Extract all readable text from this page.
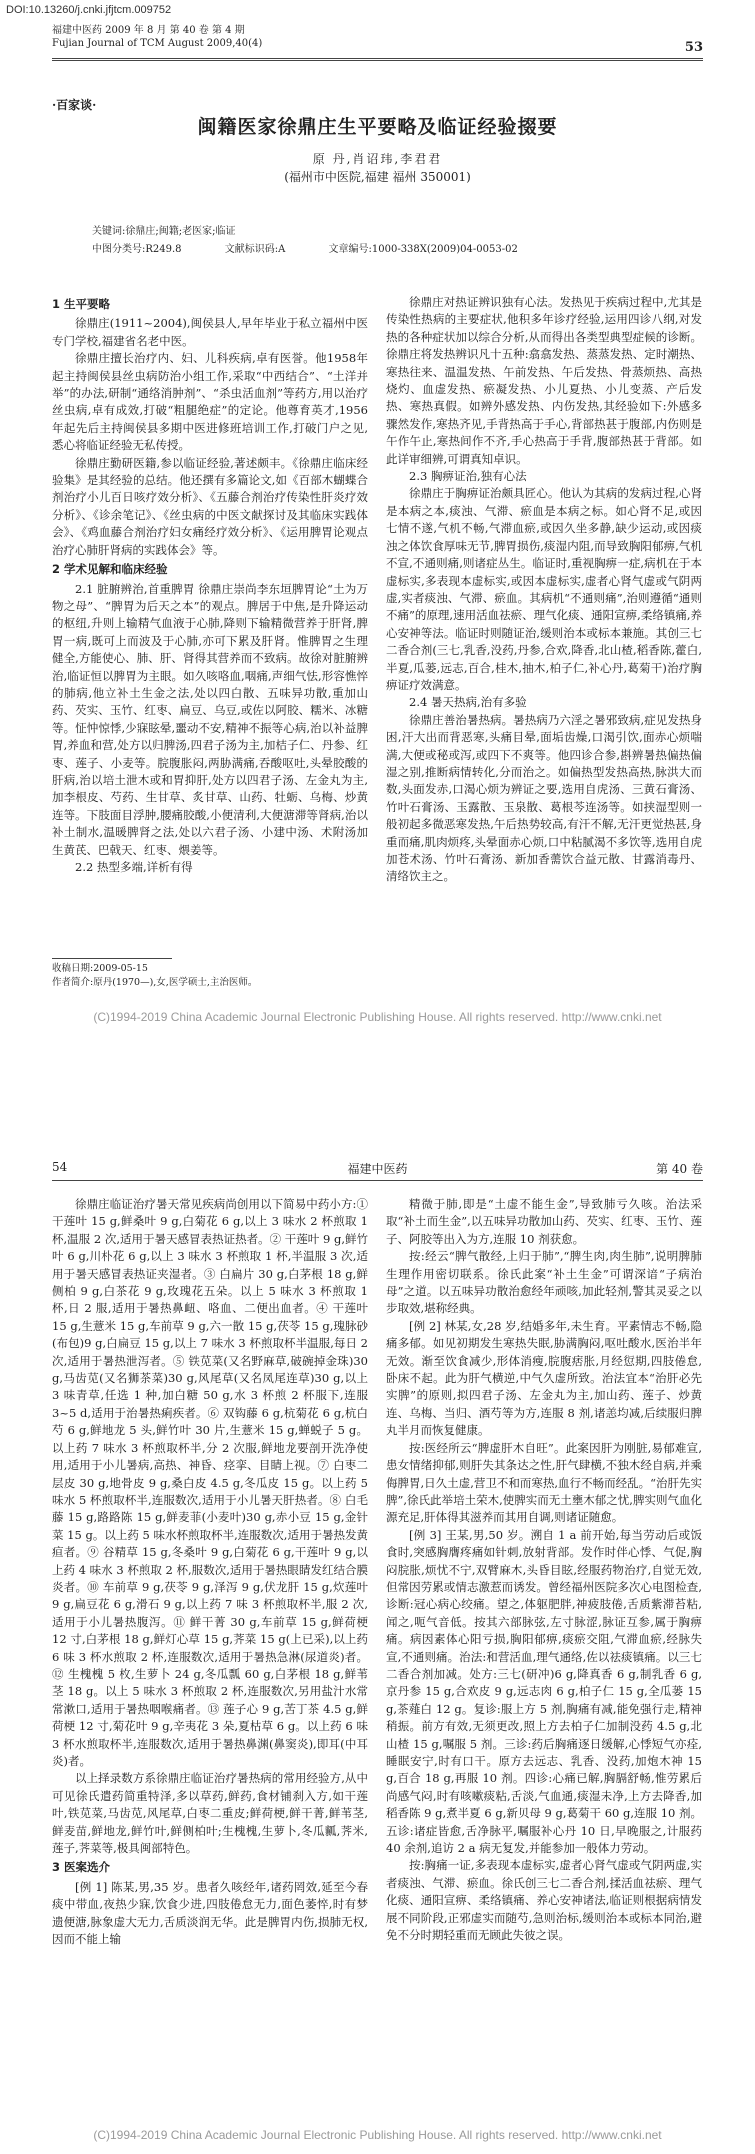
DOI:10.13260/j.cnki.jfjtcm.009752
福建中医药 2009 年 8 月 第 40 卷 第 4 期
Fujian Journal of TCM August 2009,40(4)	53
·百家谈·
闽籍医家徐鼎庄生平要略及临证经验掇要
原 丹,肖诏玮,李君君
(福州市中医院,福建 福州 350001)
关键词:徐鼎庄;闽籍;老医家;临证
中图分类号:R249.8	文献标识码:A	文章编号:1000-338X(2009)04-0053-02
1 生平要略

徐鼎庄(1911~2004),闽侯县人,早年毕业于私立福州中医专门学校,福建省名老中医。

徐鼎庄擅长治疗内、妇、儿科疾病,卓有医誉。他1958年起主持闽侯县丝虫病防治小组工作,采取“中西结合”、“土洋并举”的办法,研制“通络消肿剂”、“杀虫活血剂”等药方,用以治疗丝虫病,卓有成效,打破“粗腿绝症”的定论。他尊育英才,1956年起先后主持闽侯县多期中医进修班培训工作,打破门户之见,悉心将临证经验无私传授。

徐鼎庄勤研医籍,参以临证经验,著述颇丰。《徐鼎庄临床经验集》是其经验的总结。他还撰有多篇论文,如《百部木蝴蝶合剂治疗小儿百日咳疗效分析》、《五藤合剂治疗传染性肝炎疗效分析》、《诊余笔记》、《丝虫病的中医文献探讨及其临床实践体会》、《鸡血藤合剂治疗妇女痛经疗效分析》、《运用脾胃论观点治疗心肺肝肾病的实践体会》等。

2 学术见解和临床经验

2.1 脏腑辨治,首重脾胃 徐鼎庄崇尚李东垣脾胃论“土为万物之母”、“脾胃为后天之本”的观点。脾居于中焦,是升降运动的枢纽,升则上输精气血液于心肺,降则下输精微营养于肝肾,脾胃一病,既可上而波及于心肺,亦可下累及肝肾。惟脾胃之生理健全,方能使心、肺、肝、肾得其营养而不致病。故徐对脏腑辨治,临证恒以脾胃为主眼。如久咳咯血,咽痛,声细气怯,形容憔悴的肺病,他立补土生金之法,处以四白散、五味异功散,重加山药、芡实、玉竹、红枣、扁豆、乌豆,或佐以阿胶、糯米、冰糖等。怔忡惊悸,少寐眩晕,噩动不安,精神不振等心病,治以补益脾胃,养血和营,处方以归脾汤,四君子汤为主,加桔子仁、丹参、红枣、莲子、小麦等。脘腹胀闷,两胁满痛,吞酸呕吐,头晕胶酸的肝病,治以培土泄木或和胃抑肝,处方以四君子汤、左金丸为主,加李根皮、芍药、生甘草、炙甘草、山药、牡蛎、乌梅、炒黄连等。下肢面目浮肿,腰痛胶酸,小便清利,大便溏滞等肾病,治以补土制水,温暖脾肾之法,处以六君子汤、小建中汤、术附汤加生黄芪、巴戟天、红枣、煨姜等。

2.2 热型多端,详析有得

徐鼎庄对热证辨识独有心法。发热见于疾病过程中,尤其是传染性热病的主要症状,他积多年诊疗经验,运用四诊八纲,对发热的各种症状加以综合分析,从而得出各类型典型症候的诊断。徐鼎庄将发热辨识凡十五种:翕翕发热、蒸蒸发热、定时潮热、寒热往来、温温发热、午前发热、午后发热、骨蒸烦热、高热烧灼、血虚发热、瘀凝发热、小儿夏热、小儿变蒸、产后发热、寒热真假。如辨外感发热、内伤发热,其经验如下:外感多骤然发作,寒热齐见,手背热高于手心,背部热甚于腹部,内伤则是午作午止,寒热间作不齐,手心热高于手背,腹部热甚于背部。如此详审细辨,可谓真知卓识。

2.3 胸痹证治,独有心法

徐鼎庄于胸痹证治颇具匠心。他认为其病的发病过程,心肾是本病之本,痰浊、气滞、瘀血是本病之标。如心肾不足,或因七情不遂,气机不畅,气滞血瘀,或因久坐多静,缺少运动,或因痰浊之体饮食厚味无节,脾胃损伤,痰湿内阻,而导致胸阳郁痹,气机不宣,不通则痛,则诸症丛生。临证时,重视胸痹一症,病机在于本虚标实,多表现本虚标实,或因本虚标实,虚者心肾气虚或气阴两虚,实者痰浊、气滞、瘀血。其病机“不通则痛”,治则遵循“通则不痛”的原理,速用活血祛瘀、理气化痰、通阳宣痹,柔络镇痛,养心安神等法。临证时则随证治,缓则治本或标本兼施。其创三七二香合剂(三七,乳香,没药,丹参,合欢,降香,北山楂,稻香陈,藿白,半夏,瓜蒌,远志,百合,桂木,抽木,柏子仁,补心丹,葛菊干)治疗胸痹证疗效满意。

2.4 暑天热病,治有多验

徐鼎庄善治暑热病。暑热病乃六淫之暑邪致病,症见发热身困,汗大出而背恶寒,头痛目晕,面垢齿燥,口渴引饮,面赤心烦喘满,大便或秘或泻,或四下不爽等。他四诊合参,斟辨暑热偏热偏湿之别,推断病情转化,分而治之。如偏热型发热高热,脉洪大而数,头面发赤,口渴心烦为辨证之要,选用自虎汤、三黄石膏汤、竹叶石膏汤、玉露散、玉泉散、葛根芩连汤等。如挟湿型则一般初起多微恶寒发热,午后热势较高,有汗不解,无汗更觉热甚,身重而痛,肌肉烦疼,头晕面赤心烦,口中粘腻渴不多饮等,选用自虎加苍术汤、竹叶石膏汤、新加香薷饮合益元散、甘露消毒丹、清络饮主之。

收稿日期:2009-05-15
作者简介:原丹(1970—),女,医学硕士,主治医师。
(C)1994-2019 China Academic Journal Electronic Publishing House. All rights reserved. http://www.cnki.net
54	福建中医药	第 40 卷

徐鼎庄临证治疗暑天常见疾病尚创用以下简易中药小方:① 干莲叶 15 g,鲜桑叶 9 g,白菊花 6 g,以上 3 味水 2 杯煎取 1 杯,温服 2 次,适用于暑天感冒表热证热者。② 干莲叶 9 g,鲜竹叶 6 g,川朴花 6 g,以上 3 味水 3 杯煎取 1 杯,半温服 3 次,适用于暑天感冒表热证夹湿者。③ 白扁片 30 g,白茅根 18 g,鲜侧柏 9 g,白茶花 9 g,玫瑰花五朵。以上 5 味水 3 杯煎取 1 杯,日 2 服,适用于暑热鼻衄、咯血、二便出血者。④ 干莲叶 15 g,生薏米 15 g,车前草 9 g,六一散 15 g,茯苓 15 g,瑰脉砂(布包)9 g,白扁豆 15 g,以上 7 味水 3 杯煎取杯半温服,每日 2 次,适用于暑热泄泻者。⑤ 铁苋菜(又名野麻草,破碗掉金珠)30 g,马齿苋(又名狮茶菜)30 g,风尾草(又名凤尾连草)30 g,以上 3 味青草,任选 1 种,加白糖 50 g,水 3 杯煎 2 杯服下,连服 3~5 d,适用于治暑热痢疾者。⑥ 双钩藤 6 g,杭菊花 6 g,杭白芍 6 g,鲜地龙 5 头,鲜竹叶 30 片,生薏米 15 g,蝉蜕子 5 g。以上药 7 味水 3 杯煎取杯半,分 2 次服,鲜地龙要剖开洗净使用,适用于小儿暑病,高热、神昏、痉挛、目睛上视。⑦ 白枣二层皮 30 g,地骨皮 9 g,桑白皮 4.5 g,冬瓜皮 15 g。以上药 5 味水 5 杯煎取杯半,连服数次,适用于小儿暑天肝热者。⑧ 白毛藤 15 g,路路陈 15 g,鲜麦菲(小麦叶)30 g,赤小豆 15 g,金针菜 15 g。以上药 5 味水杯煎取杯半,连服数次,适用于暑热发黄疸者。⑨ 谷精草 15 g,冬桑叶 9 g,白菊花 6 g,干莲叶 9 g,以上药 4 味水 3 杯煎取 2 杯,服数次,适用于暑热眼睛发红结合膜炎者。⑩ 车前草 9 g,茯苓 9 g,泽泻 9 g,伏龙肝 15 g,炊莲叶 9 g,扁豆花 6 g,滑石 9 g,以上药 7 味 3 杯煎取杯半,服 2 次,适用于小儿暑热腹泻。⑪ 鲜干菁 30 g,车前草 15 g,鲜荷梗 12 寸,白茅根 18 g,鲜灯心草 15 g,荠菜 15 g(上已采),以上药 6 味 3 杯水煎取 2 杯,连服数次,适用于暑热急淋(尿道炎)者。⑫ 生槐槐 5 枚,生萝卜 24 g,冬瓜瓢 60 g,白茅根 18 g,鲜苇茎 18 g。以上 5 味水 3 杯煎取 2 杯,连服数次,另用盐汁水常常漱口,适用于暑热咽喉痛者。⑬ 莲子心 9 g,苦丁茶 4.5 g,鲜荷梗 12 寸,菊花叶 9 g,辛夷花 3 朵,夏枯草 6 g。以上药 6 味 3 杯水煎取杯半,连服数次,适用于暑热鼻渊(鼻窦炎),即耳(中耳炎)者。

以上择录数方系徐鼎庄临证治疗暑热病的常用经验方,从中可见徐氏遣药简重特泽,多以草药,鲜药,食材铺刹入方,如干莲叶,铁苋菜,马齿苋,风尾草,白枣二重皮;鲜荷梗,鲜干菁,鲜苇茎,鲜麦苗,鲜地龙,鲜竹叶,鲜侧柏叶;生槐槐,生萝卜,冬瓜瓤,荠米,莲子,荠菜等,极具闽部特色。

3 医案选介

[例 1] 陈某,男,35 岁。患者久咳经年,诸药罔效,延至今春痰中带血,夜热少寐,饮食少进,四肢倦怠无力,面色萎悴,时有梦遗便溏,脉象虚大无力,舌质淡润无华。此是脾胃内伤,损肺无权,因而不能上输

精微于肺,即是“土虚不能生金”,导致肺亏久咳。治法采取“补土而生金”,以五味异功散加山药、芡实、红枣、玉竹、莲子、阿胶等出入为方,连服 10 剂获愈。

按:经云“脾气散经,上归于肺”,“脾生肉,肉生肺”,说明脾肺生理作用密切联系。徐氏此案“补土生金”可谓深谙“子病治母”之道。以五味异功散治愈经年顽咳,加此轻剂,警其灵妥之以步取效,堪称经典。

[例 2] 林某,女,28 岁,结婚多年,未生育。平素情志不畅,隐痛多郁。如见初期发生寒热失眠,胁满胸闷,呕吐酸水,医治半年无效。渐至饮食减少,形体消瘦,脘腹痞胀,月经愆期,四肢倦怠,卧床不起。此为肝气横逆,中气久虚所致。治法宜本“治肝必先实脾”的原则,拟四君子汤、左金丸为主,加山药、莲子、炒黄连、乌梅、当归、酒芍等为方,连服 8 剂,诸恙均减,后续服归脾丸半月而恢复健康。

按:医经所云“脾虚肝木自旺”。此案因肝为刚脏,易郁难宣,患女情绪抑郁,则肝失其条达之性,肝气肆横,不独木经自病,并乘侮脾胃,日久土虚,营卫不和而寒热,血行不畅而经乱。“治肝先实脾”,徐氏此举培土荣木,使脾实而无土壅木郁之忧,脾实则气血化源充足,肝体得其滋养而其用自调,则诸证随愈。

[例 3] 王某,男,50 岁。溯自 1 a 前开始,每当劳动后或饭食时,突感胸膺疼痛如针刺,放射背部。发作时伴心悸、气促,胸闷脘胀,烦忧不宁,双臂麻木,头昏目眩,经服药物治疗,自觉无效,但常因劳累或情志激惹而诱发。曾经福州医院多次心电图检查,诊断:冠心病心绞痛。望之,体躯肥胖,神疲肢倦,舌质紫滞苔粘,闻之,呃气音低。按其六部脉弦,左寸脉涩,脉证互参,属于胸痹痛。病因素体心阳亏损,胸阳郁痹,痰瘀交阻,气滞血瘀,经脉失宣,不通则痛。治法:和营活血,理气通络,佐以祛痰镇痛。以三七二香合剂加减。处方:三七(研冲)6 g,降真香 6 g,制乳香 6 g,京丹参 15 g,合欢皮 9 g,远志肉 6 g,柏子仁 15 g,全瓜蒌 15 g,茶薤白 12 g。复诊:服上方 5 剂,胸痛有减,能免强行走,精神稍振。前方有效,无须更改,照上方去柏子仁加制没药 4.5 g,北山楂 15 g,嘱服 5 剂。三诊:药后胸痛逐日缓解,心悸短气亦痊,睡眠安宁,时有口干。原方去远志、乳香、没药,加炮木神 15 g,百合 18 g,再服 10 剂。四诊:心痛已解,胸膈舒畅,惟劳累后尚感气闷,时有咳嗽痰粘,舌淡,气血通,痰湿未净,上方去降香,加稻香陈 9 g,煮半夏 6 g,新贝母 9 g,葛菊干 60 g,连服 10 剂。五诊:诸症皆愈,舌净脉平,嘱服补心丹 10 日,早晚服之,计服药 40 余剂,追访 2 a 病无复发,并能参加一般体力劳动。

按:胸痛一证,多表现本虚标实,虚者心肾气虚或气阴两虚,实者痰浊、气滞、瘀血。徐氏创三七二香合剂,揉活血祛瘀、理气化痰、通阳宣痹、柔络镇痛、养心安神诸法,临证则根据病情发展不同阶段,正邪虚实而随芍,急则治标,缓则治本或标本同治,避免不分时期轻重而无顾此失彼之误。

(C)1994-2019 China Academic Journal Electronic Publishing House. All rights reserved. http://www.cnki.net
